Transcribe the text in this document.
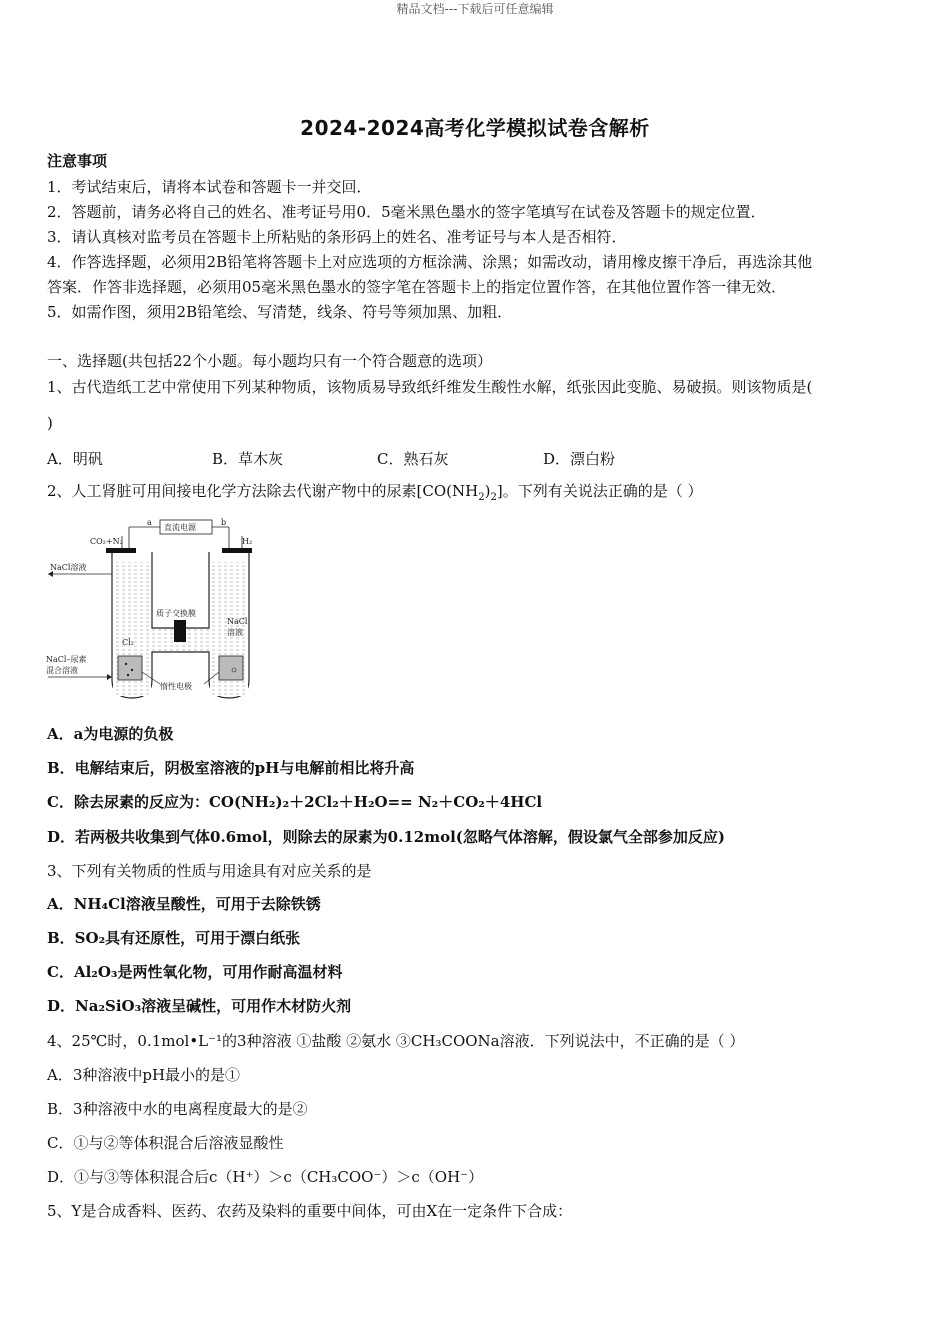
精品文档---下载后可任意编辑
2024-2024高考化学模拟试卷含解析
注意事项
1．考试结束后，请将本试卷和答题卡一并交回．
2．答题前，请务必将自己的姓名、准考证号用0．5毫米黑色墨水的签字笔填写在试卷及答题卡的规定位置．
3．请认真核对监考员在答题卡上所粘贴的条形码上的姓名、准考证号与本人是否相符．
4．作答选择题，必须用2B铅笔将答题卡上对应选项的方框涂满、涂黑；如需改动，请用橡皮擦干净后，再选涂其他
答案．作答非选择题，必须用05毫米黑色墨水的签字笔在答题卡上的指定位置作答，在其他位置作答一律无效．
5．如需作图，须用2B铅笔绘、写清楚，线条、符号等须加黑、加粗．
一、选择题(共包括22个小题。每小题均只有一个符合题意的选项）
1、古代造纸工艺中常使用下列某种物质，该物质易导致纸纤维发生酸性水解，纸张因此变脆、易破损。则该物质是(
)
A．明矾	B．草木灰	C．熟石灰	D．漂白粉
2、人工肾脏可用间接电化学方法除去代谢产物中的尿素$[CO(NH_2)_2]$。下列有关说法正确的是（ ）
直流电源
a	b
CO₂+N₂	H₂
质子交换膜
NaCl溶液
NaCl
溶液
Cl₂
NaCl–尿素
混合溶液
惰性电极
A．a为电源的负极
B．电解结束后，阴极室溶液的pH与电解前相比将升高
C．除去尿素的反应为：CO(NH₂)₂＋2Cl₂＋H₂O== N₂＋CO₂＋4HCl
D．若两极共收集到气体0.6mol，则除去的尿素为0.12mol(忽略气体溶解，假设氯气全部参加反应)
3、下列有关物质的性质与用途具有对应关系的是
A．NH₄Cl溶液呈酸性，可用于去除铁锈
B．SO₂具有还原性，可用于漂白纸张
C．Al₂O₃是两性氧化物，可用作耐高温材料
D．Na₂SiO₃溶液呈碱性，可用作木材防火剂
4、25℃时，0.1mol•L⁻¹的3种溶液 ①盐酸 ②氨水 ③CH₃COONa溶液．下列说法中，不正确的是（ ）
A．3种溶液中pH最小的是①
B．3种溶液中水的电离程度最大的是②
C．①与②等体积混合后溶液显酸性
D．①与③等体积混合后c（H⁺）＞c（CH₃COO⁻）＞c（OH⁻）
5、Y是合成香料、医药、农药及染料的重要中间体，可由X在一定条件下合成：
